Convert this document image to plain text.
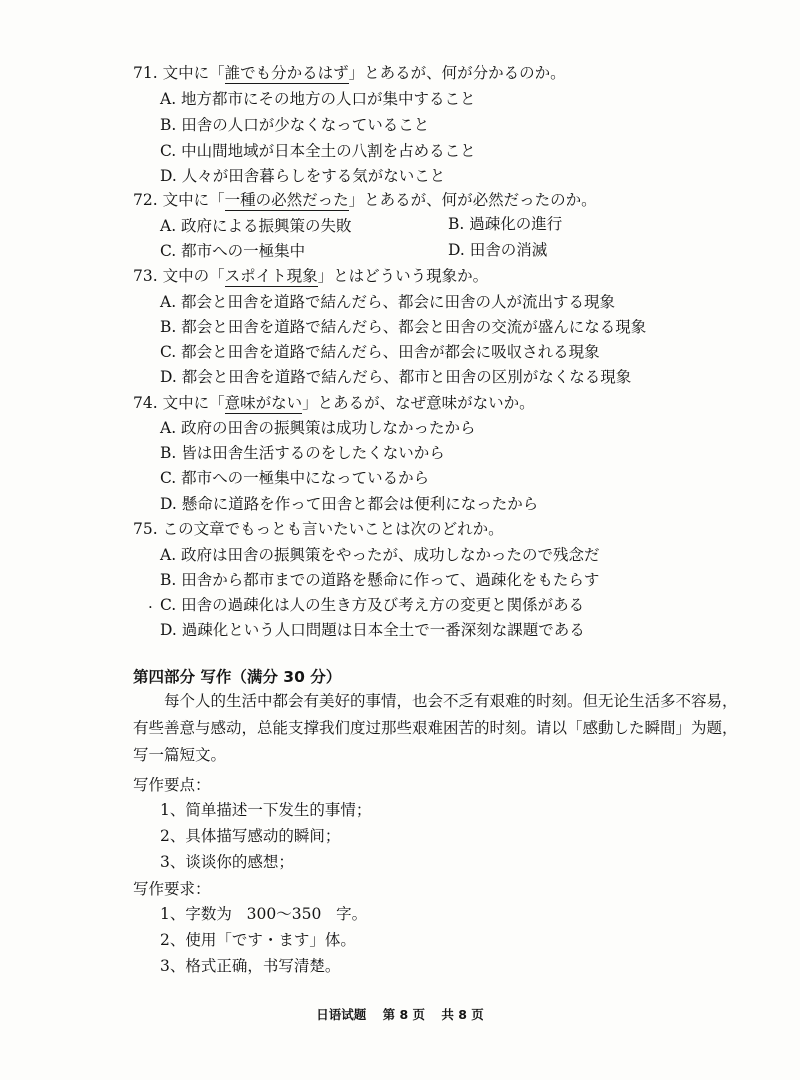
71. 文中に「誰でも分かるはず」とあるが、何が分かるのか。
A. 地方都市にその地方の人口が集中すること
B. 田舎の人口が少なくなっていること
C. 中山間地域が日本全土の八割を占めること
D. 人々が田舎暮らしをする気がないこと
72. 文中に「一種の必然だった」とあるが、何が必然だったのか。
A. 政府による振興策の失敗	B. 過疎化の進行
C. 都市への一極集中	D. 田舎の消滅
73. 文中の「スポイト現象」とはどういう現象か。
A. 都会と田舎を道路で結んだら、都会に田舎の人が流出する現象
B. 都会と田舎を道路で結んだら、都会と田舎の交流が盛んになる現象
C. 都会と田舎を道路で結んだら、田舎が都会に吸収される現象
D. 都会と田舎を道路で結んだら、都市と田舎の区別がなくなる現象
74. 文中に「意味がない」とあるが、なぜ意味がないか。
A. 政府の田舎の振興策は成功しなかったから
B. 皆は田舎生活するのをしたくないから
C. 都市への一極集中になっているから
D. 懸命に道路を作って田舎と都会は便利になったから
75. この文章でもっとも言いたいことは次のどれか。
A. 政府は田舎の振興策をやったが、成功しなかったので残念だ
B. 田舎から都市までの道路を懸命に作って、過疎化をもたらす
. C. 田舎の過疎化は人の生き方及び考え方の変更と関係がある
D. 過疎化という人口問題は日本全土で一番深刻な課題である
第四部分 写作（满分 30 分）
每个人的生活中都会有美好的事情，也会不乏有艰难的时刻。但无论生活多不容易，有些善意与感动，总能支撑我们度过那些艰难困苦的时刻。请以「感動した瞬間」为题，写一篇短文。
写作要点：
1、简单描述一下发生的事情；
2、具体描写感动的瞬间；
3、谈谈你的感想；
写作要求：
1、字数为   300～350   字。
2、使用「です・ます」体。
3、格式正确，书写清楚。
日语试题 第 8 页 共 8 页
